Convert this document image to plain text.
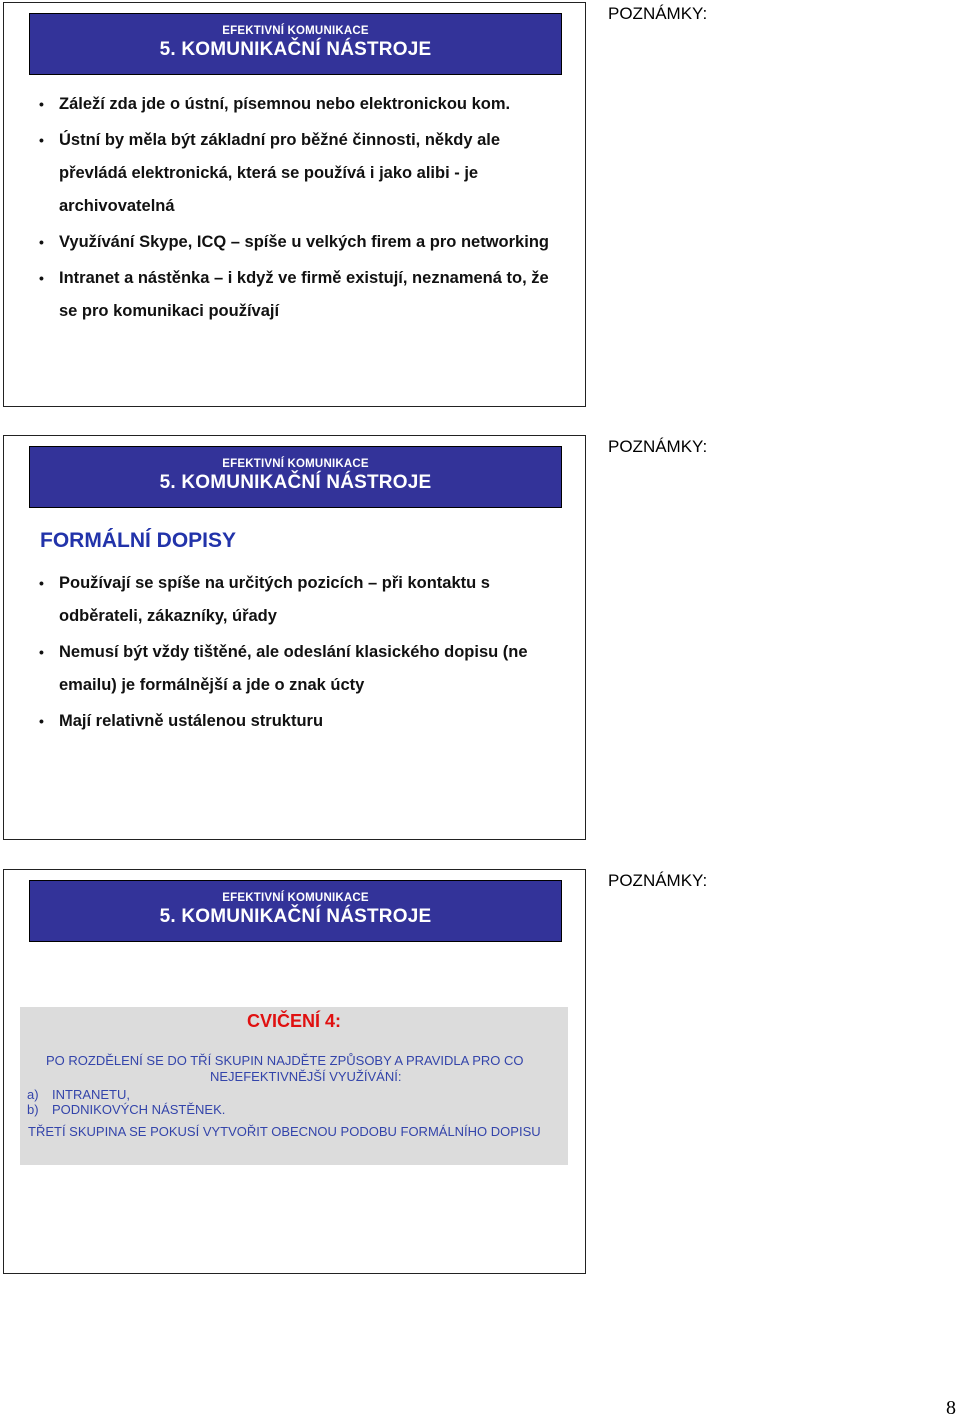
EFEKTIVNÍ KOMUNIKACE
5. KOMUNIKAČNÍ NÁSTROJE
• Záleží zda jde o ústní, písemnou nebo elektronickou kom.
• Ústní by měla být základní pro běžné činnosti, někdy ale převládá elektronická, která se používá i jako alibi - je archivovatelná
• Využívání Skype, ICQ – spíše u velkých firem a pro networking
• Intranet a nástěnka – i když ve firmě existují, neznamená to, že se pro komunikaci používají
POZNÁMKY:
EFEKTIVNÍ KOMUNIKACE
5. KOMUNIKAČNÍ NÁSTROJE
FORMÁLNÍ DOPISY
• Používají se spíše na určitých pozicích – při kontaktu s odběrateli, zákazníky, úřady
• Nemusí být vždy tištěné, ale odeslání klasického dopisu (ne emailu) je formálnější a jde o znak úcty
• Mají relativně ustálenou strukturu
POZNÁMKY:
EFEKTIVNÍ KOMUNIKACE
5. KOMUNIKAČNÍ NÁSTROJE
CVIČENÍ 4:
PO ROZDĚLENÍ SE DO TŘÍ SKUPIN NAJDĚTE ZPŮSOBY A PRAVIDLA PRO CO
NEJEFEKTIVNĚJŠÍ VYUŽÍVÁNÍ:
a) INTRANETU,
b) PODNIKOVÝCH NÁSTĚNEK.
TŘETÍ SKUPINA SE POKUSÍ VYTVOŘIT OBECNOU PODOBU FORMÁLNÍHO DOPISU
POZNÁMKY:
8
